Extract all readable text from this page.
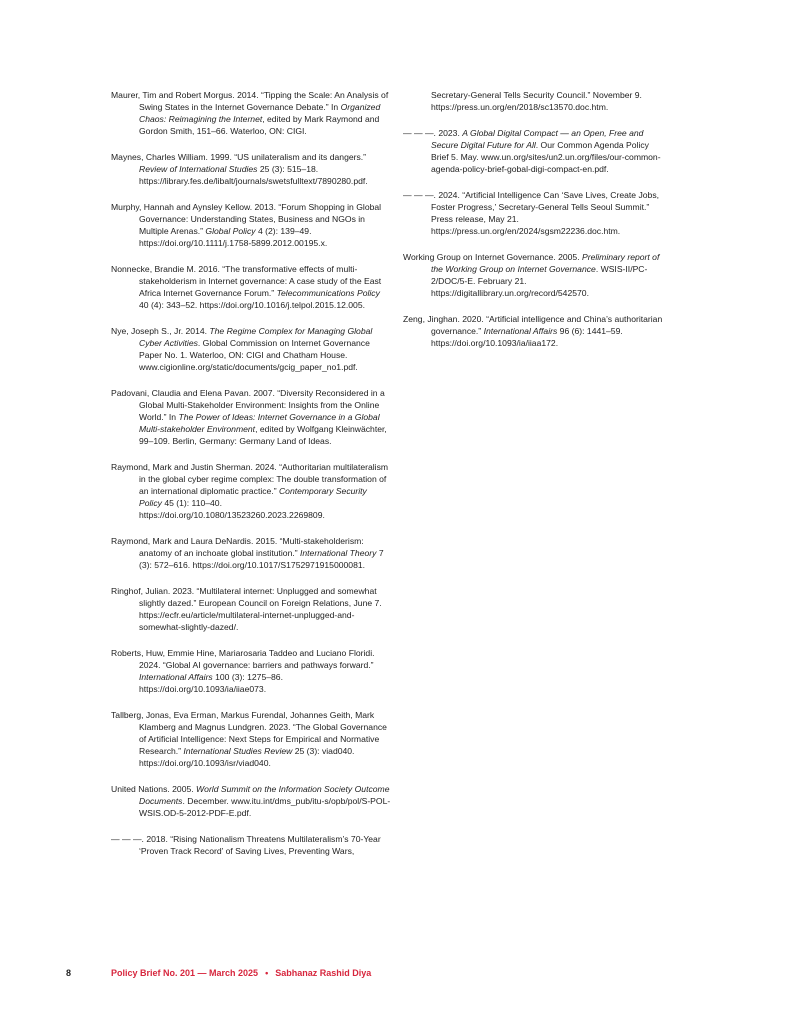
Maurer, Tim and Robert Morgus. 2014. “Tipping the Scale: An Analysis of Swing States in the Internet Governance Debate.” In Organized Chaos: Reimagining the Internet, edited by Mark Raymond and Gordon Smith, 151–66. Waterloo, ON: CIGI.

Maynes, Charles William. 1999. “US unilateralism and its dangers.” Review of International Studies 25 (3): 515–18. https://library.fes.de/libalt/journals/swetsfulltext/7890280.pdf.

Murphy, Hannah and Aynsley Kellow. 2013. “Forum Shopping in Global Governance: Understanding States, Business and NGOs in Multiple Arenas.” Global Policy 4 (2): 139–49. https://doi.org/10.1111/j.1758-5899.2012.00195.x.

Nonnecke, Brandie M. 2016. “The transformative effects of multi-stakeholderism in Internet governance: A case study of the East Africa Internet Governance Forum.” Telecommunications Policy 40 (4): 343–52. https://doi.org/10.1016/j.telpol.2015.12.005.

Nye, Joseph S., Jr. 2014. The Regime Complex for Managing Global Cyber Activities. Global Commission on Internet Governance Paper No. 1. Waterloo, ON: CIGI and Chatham House. www.cigionline.org/static/documents/gcig_paper_no1.pdf.

Padovani, Claudia and Elena Pavan. 2007. “Diversity Reconsidered in a Global Multi-Stakeholder Environment: Insights from the Online World.” In The Power of Ideas: Internet Governance in a Global Multi-stakeholder Environment, edited by Wolfgang Kleinwächter, 99–109. Berlin, Germany: Germany Land of Ideas.

Raymond, Mark and Justin Sherman. 2024. “Authoritarian multilateralism in the global cyber regime complex: The double transformation of an international diplomatic practice.” Contemporary Security Policy 45 (1): 110–40. https://doi.org/10.1080/13523260.2023.2269809.

Raymond, Mark and Laura DeNardis. 2015. “Multi-stakeholderism: anatomy of an inchoate global institution.” International Theory 7 (3): 572–616. https://doi.org/10.1017/S1752971915000081.

Ringhof, Julian. 2023. “Multilateral internet: Unplugged and somewhat slightly dazed.” European Council on Foreign Relations, June 7. https://ecfr.eu/article/multilateral-internet-unplugged-and-somewhat-slightly-dazed/.

Roberts, Huw, Emmie Hine, Mariarosaria Taddeo and Luciano Floridi. 2024. “Global AI governance: barriers and pathways forward.” International Affairs 100 (3): 1275–86. https://doi.org/10.1093/ia/iiae073.

Tallberg, Jonas, Eva Erman, Markus Furendal, Johannes Geith, Mark Klamberg and Magnus Lundgren. 2023. “The Global Governance of Artificial Intelligence: Next Steps for Empirical and Normative Research.” International Studies Review 25 (3): viad040. https://doi.org/10.1093/isr/viad040.

United Nations. 2005. World Summit on the Information Society Outcome Documents. December. www.itu.int/dms_pub/itu-s/opb/pol/S-POL-WSIS.OD-5-2012-PDF-E.pdf.

— — —. 2018. “Rising Nationalism Threatens Multilateralism’s 70-Year ‘Proven Track Record’ of Saving Lives, Preventing Wars,

Secretary-General Tells Security Council.” November 9. https://press.un.org/en/2018/sc13570.doc.htm.

— — —. 2023. A Global Digital Compact — an Open, Free and Secure Digital Future for All. Our Common Agenda Policy Brief 5. May. www.un.org/sites/un2.un.org/files/our-common-agenda-policy-brief-gobal-digi-compact-en.pdf.

— — —. 2024. “Artificial Intelligence Can ‘Save Lives, Create Jobs, Foster Progress,’ Secretary-General Tells Seoul Summit.” Press release, May 21. https://press.un.org/en/2024/sgsm22236.doc.htm.

Working Group on Internet Governance. 2005. Preliminary report of the Working Group on Internet Governance. WSIS-II/PC-2/DOC/5-E. February 21. https://digitallibrary.un.org/record/542570.

Zeng, Jinghan. 2020. “Artificial intelligence and China’s authoritarian governance.” International Affairs 96 (6): 1441–59. https://doi.org/10.1093/ia/iiaa172.

8	Policy Brief No. 201 — March 2025 • Sabhanaz Rashid Diya
